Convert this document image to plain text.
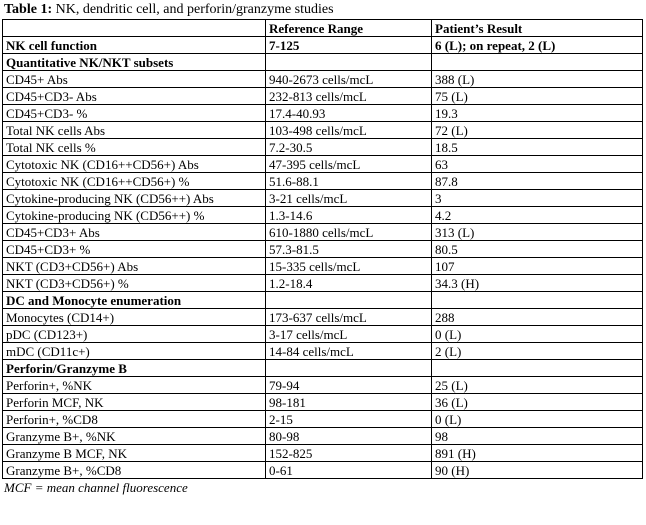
Table 1: NK, dendritic cell, and perforin/granzyme studies
	Reference Range	Patient’s Result
NK cell function	7-125	6 (L); on repeat, 2 (L)
Quantitative NK/NKT subsets		
CD45+ Abs	940-2673 cells/mcL	388 (L)
CD45+CD3- Abs	232-813 cells/mcL	75 (L)
CD45+CD3- %	17.4-40.93	19.3
Total NK cells Abs	103-498 cells/mcL	72 (L)
Total NK cells %	7.2-30.5	18.5
Cytotoxic NK (CD16++CD56+) Abs	47-395 cells/mcL	63
Cytotoxic NK (CD16++CD56+) %	51.6-88.1	87.8
Cytokine-producing NK (CD56++) Abs	3-21 cells/mcL	3
Cytokine-producing NK (CD56++) %	1.3-14.6	4.2
CD45+CD3+ Abs	610-1880 cells/mcL	313 (L)
CD45+CD3+ %	57.3-81.5	80.5
NKT (CD3+CD56+) Abs	15-335 cells/mcL	107
NKT (CD3+CD56+) %	1.2-18.4	34.3 (H)
DC and Monocyte enumeration		
Monocytes (CD14+)	173-637 cells/mcL	288
pDC (CD123+)	3-17 cells/mcL	0 (L)
mDC (CD11c+)	14-84 cells/mcL	2 (L)
Perforin/Granzyme B		
Perforin+, %NK	79-94	25 (L)
Perforin MCF, NK	98-181	36 (L)
Perforin+, %CD8	2-15	0 (L)
Granzyme B+, %NK	80-98	98
Granzyme B MCF, NK	152-825	891 (H)
Granzyme B+, %CD8	0-61	90 (H)
MCF = mean channel fluorescence
